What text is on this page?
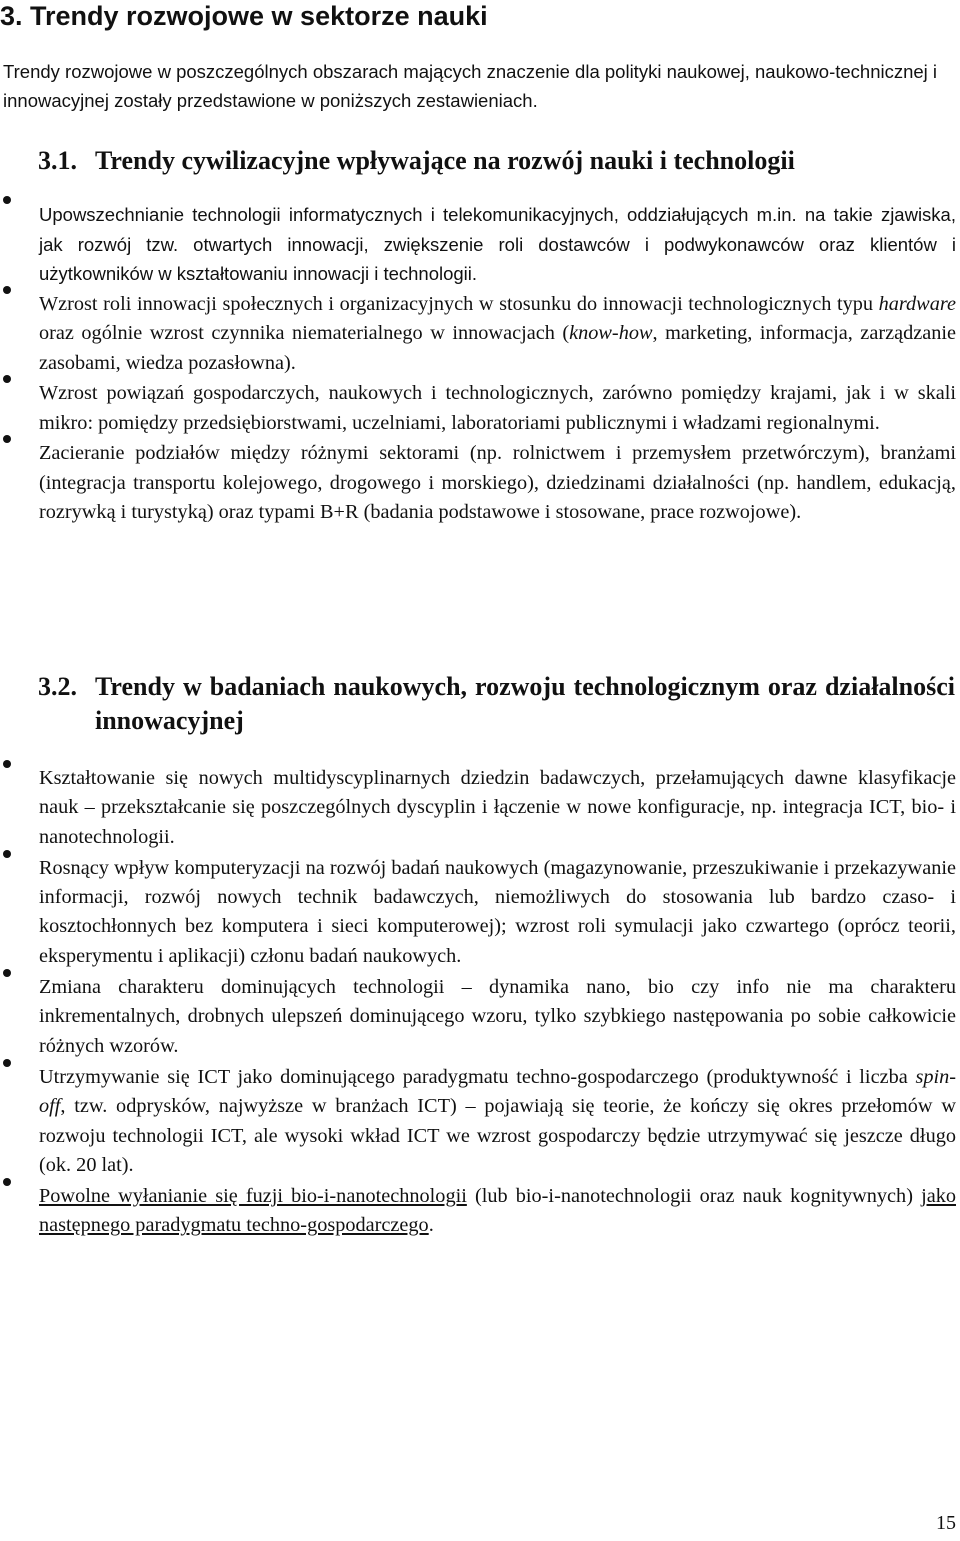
3. Trendy rozwojowe w sektorze nauki

Trendy rozwojowe w poszczególnych obszarach mających znaczenie dla polityki naukowej, naukowo-technicznej i innowacyjnej zostały przedstawione w poniższych zestawieniach.

3.1. Trendy cywilizacyjne wpływające na rozwój nauki i technologii
Upowszechnianie technologii informatycznych i telekomunikacyjnych, oddziałujących m.in. na takie zjawiska, jak rozwój tzw. otwartych innowacji, zwiększenie roli dostawców i podwykonawców oraz klientów i użytkowników w kształtowaniu innowacji i technologii.
Wzrost roli innowacji społecznych i organizacyjnych w stosunku do innowacji technologicznych typu hardware oraz ogólnie wzrost czynnika niematerialnego w innowacjach (know-how, marketing, informacja, zarządzanie zasobami, wiedza pozasłowna).
Wzrost powiązań gospodarczych, naukowych i technologicznych, zarówno pomiędzy krajami, jak i w skali mikro: pomiędzy przedsiębiorstwami, uczelniami, laboratoriami publicznymi i władzami regionalnymi.
Zacieranie podziałów między różnymi sektorami (np. rolnictwem i przemysłem przetwórczym), branżami (integracja transportu kolejowego, drogowego i morskiego), dziedzinami działalności (np. handlem, edukacją, rozrywką i turystyką) oraz typami B+R (badania podstawowe i stosowane, prace rozwojowe).
3.2. Trendy w badaniach naukowych, rozwoju technologicznym oraz działalności innowacyjnej
Kształtowanie się nowych multidyscyplinarnych dziedzin badawczych, przełamujących dawne klasyfikacje nauk – przekształcanie się poszczególnych dyscyplin i łączenie w nowe konfiguracje, np. integracja ICT, bio- i nanotechnologii.
Rosnący wpływ komputeryzacji na rozwój badań naukowych (magazynowanie, przeszukiwanie i przekazywanie informacji, rozwój nowych technik badawczych, niemożliwych do stosowania lub bardzo czaso- i kosztochłonnych bez komputera i sieci komputerowej); wzrost roli symulacji jako czwartego (oprócz teorii, eksperymentu i aplikacji) członu badań naukowych.
Zmiana charakteru dominujących technologii – dynamika nano, bio czy info nie ma charakteru inkrementalnych, drobnych ulepszeń dominującego wzoru, tylko szybkiego następowania po sobie całkowicie różnych wzorów.
Utrzymywanie się ICT jako dominującego paradygmatu techno-gospodarczego (produktywność i liczba spin-off, tzw. odprysków, najwyższe w branżach ICT) – pojawiają się teorie, że kończy się okres przełomów w rozwoju technologii ICT, ale wysoki wkład ICT we wzrost gospodarczy będzie utrzymywać się jeszcze długo (ok. 20 lat).
Powolne wyłanianie się fuzji bio-i-nanotechnologii (lub bio-i-nanotechnologii oraz nauk kognitywnych) jako następnego paradygmatu techno-gospodarczego.
15
